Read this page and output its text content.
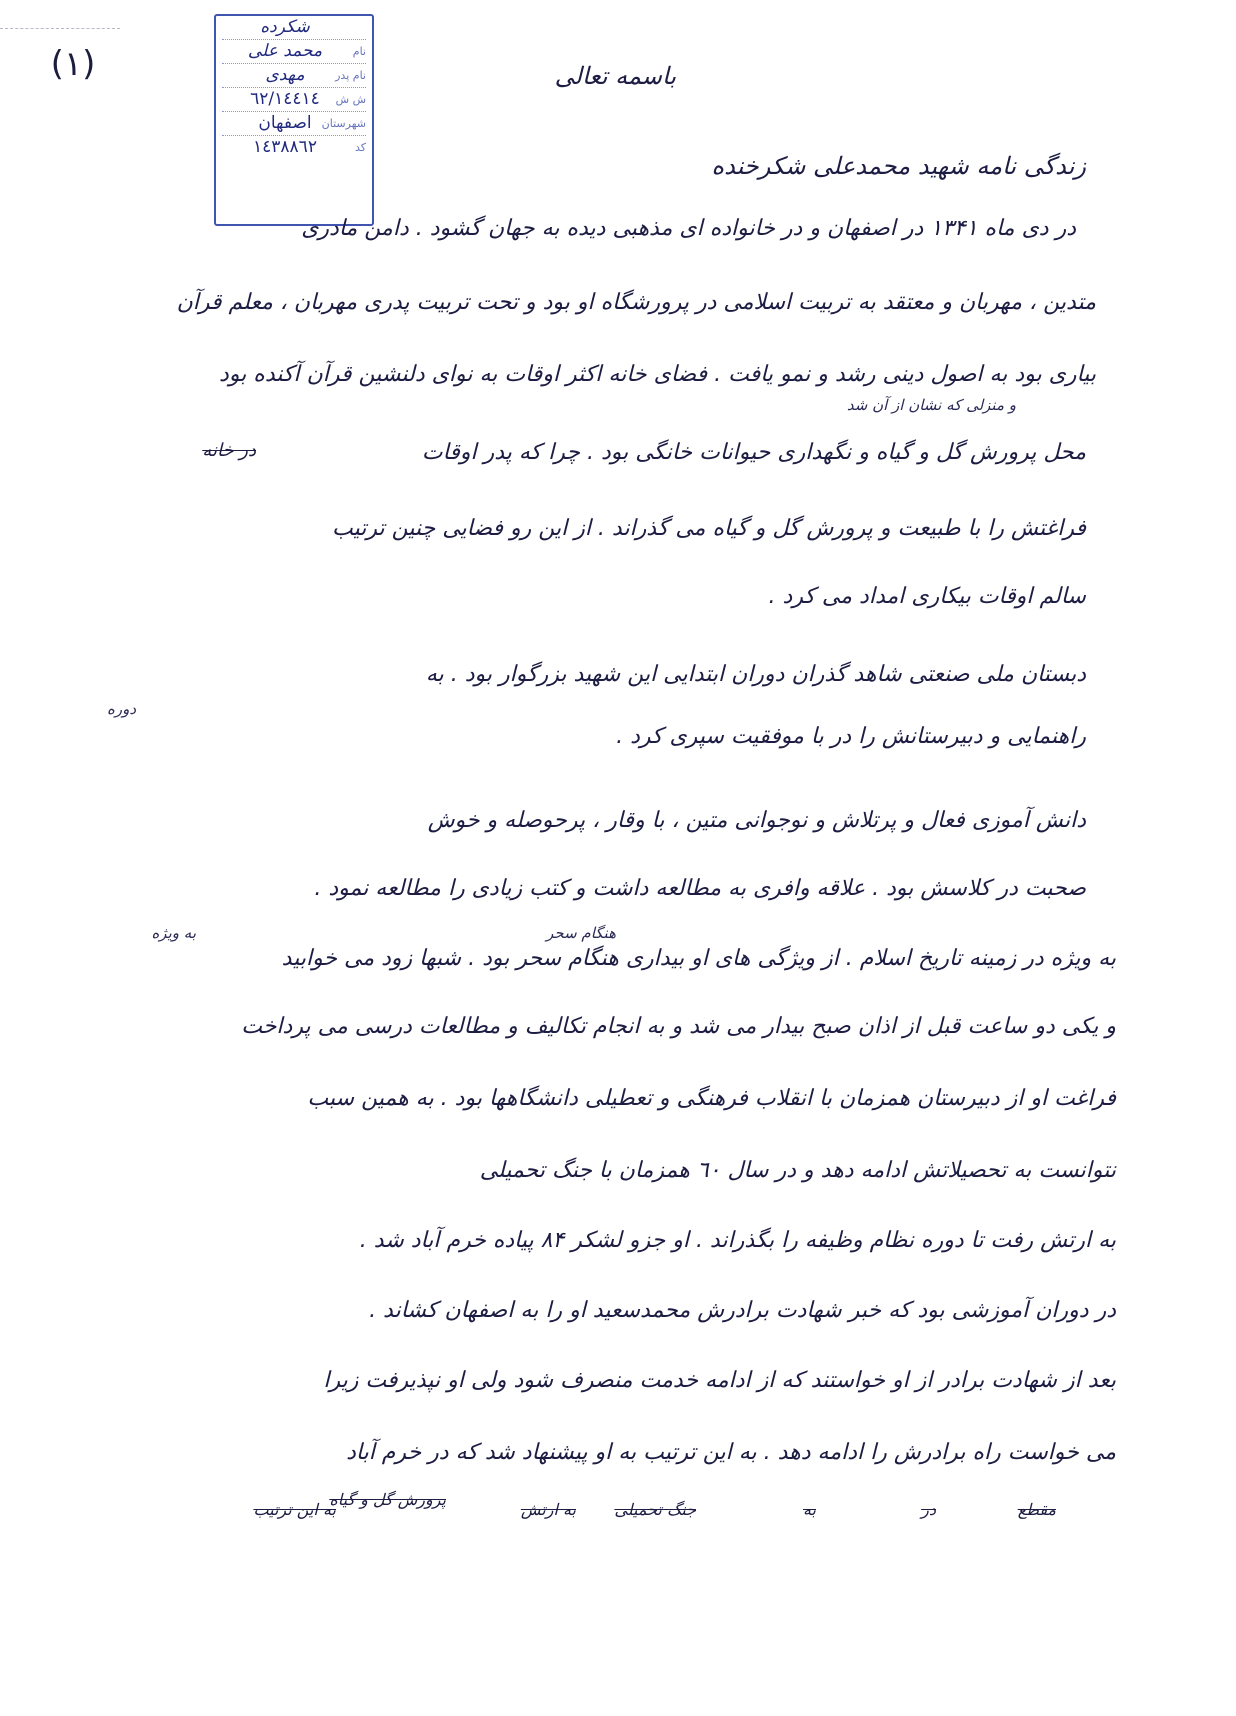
(۱)
شکرده
نام
محمد علی
نام پدر
مهدی
ش ش
٦٢/١٤٤١٤
شهرستان
اصفهان
کد
١٤٣٨٨٦٢
باسمه تعالی
زندگی نامه شهید محمدعلی شکرخنده
در دی ماه ۱۳۴۱ در اصفهان و در خانواده ای مذهبی دیده به جهان گشود . دامن مادری
متدین ، مهربان و معتقد به تربیت اسلامی در پرورشگاه او بود و تحت تربیت پدری مهربان ، معلم قرآن
بیاری بود به اصول دینی رشد و نمو یافت . فضای خانه اکثر اوقات به نوای دلنشین قرآن آکنده بود
و منزلی که نشان از آن شد
محل پرورش گل و گیاه و نگهداری حیوانات خانگی بود . چرا که پدر اوقات
فراغتش را با طبیعت و پرورش گل و گیاه می گذراند . از این رو فضایی چنین ترتیب
سالم اوقات بیکاری امداد می کرد .
دبستان ملی صنعتی شاهد گذران دوران ابتدایی این شهید بزرگوار بود . به
راهنمایی و دبیرستانش را در با موفقیت سپری کرد .
دانش آموزی فعال و پرتلاش و نوجوانی متین ، با وقار ، پرحوصله و خوش
صحبت در کلاسش بود . علاقه وافری به مطالعه داشت و کتب زیادی را مطالعه نمود .
به ویژه در زمینه تاریخ اسلام . از ویژگی های او بیداری هنگام سحر بود . شبها زود می خوابید
و یکی دو ساعت قبل از اذان صبح بیدار می شد و به انجام تکالیف و مطالعات درسی می پرداخت
فراغت او از دبیرستان همزمان با انقلاب فرهنگی و تعطیلی دانشگاهها بود . به همین سبب
نتوانست به تحصیلاتش ادامه دهد و در سال ٦٠ همزمان با جنگ تحمیلی
به ارتش رفت تا دوره نظام وظیفه را بگذراند . او جزو لشکر ۸۴ پیاده خرم آباد شد .
در دوران آموزشی بود که خبر شهادت برادرش محمدسعید او را به اصفهان کشاند .
بعد از شهادت برادر از او خواستند که از ادامه خدمت منصرف شود ولی او نپذیرفت زیرا
می خواست راه برادرش را ادامه دهد . به این ترتیب به او پیشنهاد شد که در خرم آباد
دوره
هنگام سحر
به ویژه
در خانه
پرورش گل و گیاه
مقطع
در
به
جنگ تحمیلی
به ارتش
به این ترتیب
